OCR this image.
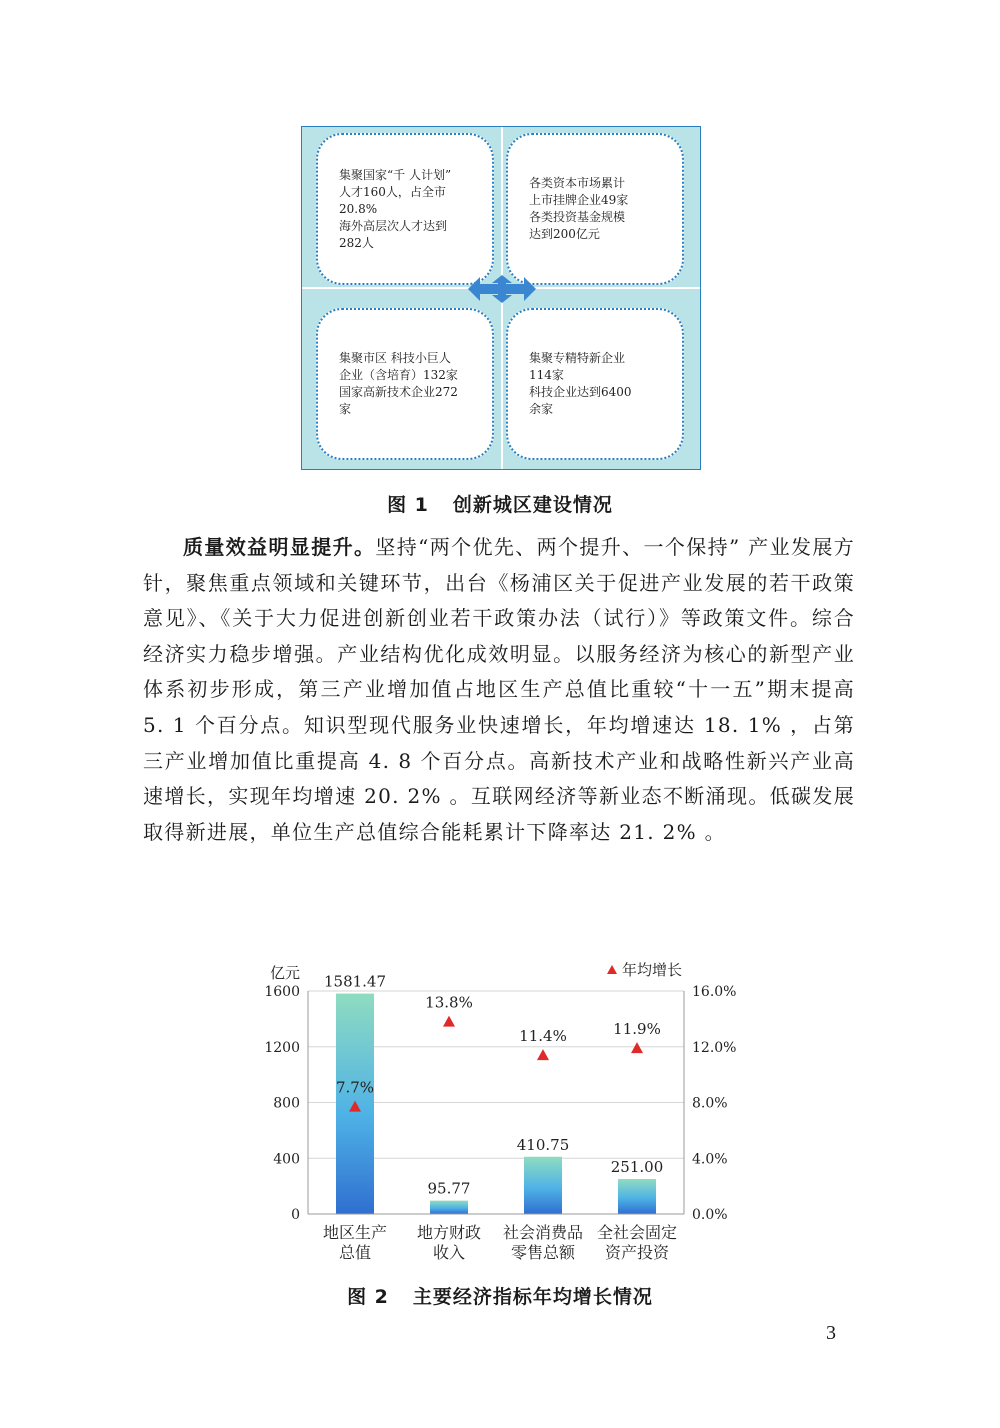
集聚国家“千 人计划”
人才160人，占全市
20.8%
海外高层次人才达到
282人
各类资本市场累计
上市挂牌企业49家
各类投资基金规模
达到200亿元
集聚市区 科技小巨人
企业（含培育）132家
国家高新技术企业272
家
集聚专精特新企业
114家
科技企业达到6400
余家
图 1 创新城区建设情况
质量效益明显提升。坚持“两个优先、两个提升、一个保持” 产业发展方针，聚焦重点领域和关键环节，出台《杨浦区关于促进产业发展的若干政策意见》、《关于大力促进创新创业若干政策办法（试行）》等政策文件。综合经济实力稳步增强。产业结构优化成效明显。以服务经济为核心的新型产业体系初步形成，第三产业增加值占地区生产总值比重较“十一五”期末提高 5. 1 个百分点。知识型现代服务业快速增长，年均增速达 18. 1% ，占第三产业增加值比重提高 4. 8 个百分点。高新技术产业和战略性新兴产业高速增长，实现年均增速 20. 2% 。互联网经济等新业态不断涌现。低碳发展取得新进展，单位生产总值综合能耗累计下降率达 21. 2% 。
1581.47
7.7%
95.77
13.8%
410.75
11.4%
251.00
11.9%
年均增长
0
400
800
1200
1600
0.0%
4.0%
8.0%
12.0%
16.0%
亿元
地区生产
总值
地方财政
收入
社会消费品
零售总额
全社会固定
资产投资
图 2 主要经济指标年均增长情况
3
